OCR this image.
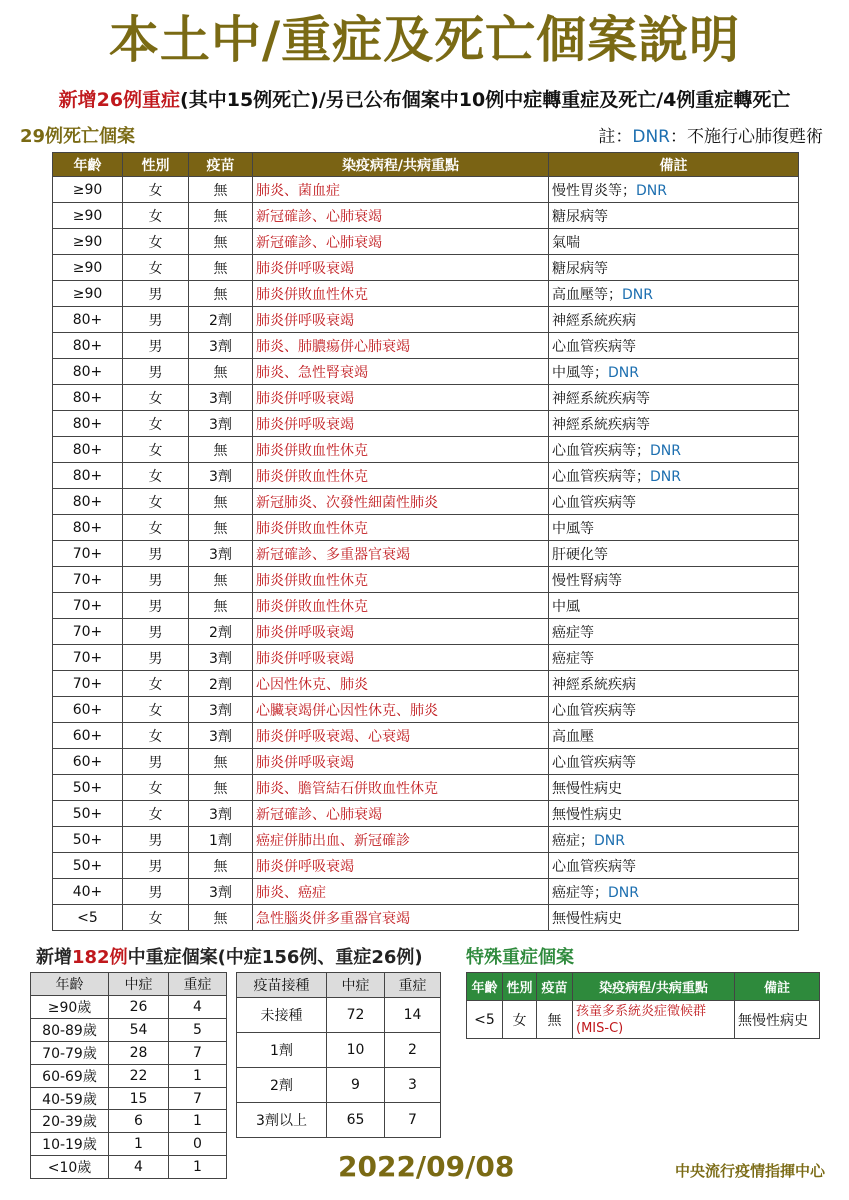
本土中/重症及死亡個案說明
新增26例重症(其中15例死亡)/另已公布個案中10例中症轉重症及死亡/4例重症轉死亡
29例死亡個案	註：DNR：不施行心肺復甦術
年齡	性別	疫苗	染疫病程/共病重點	備註
≥90	女	無	肺炎、菌血症	慢性胃炎等；DNR
≥90	女	無	新冠確診、心肺衰竭	糖尿病等
≥90	女	無	新冠確診、心肺衰竭	氣喘
≥90	女	無	肺炎併呼吸衰竭	糖尿病等
≥90	男	無	肺炎併敗血性休克	高血壓等；DNR
80+	男	2劑	肺炎併呼吸衰竭	神經系統疾病
80+	男	3劑	肺炎、肺膿瘍併心肺衰竭	心血管疾病等
80+	男	無	肺炎、急性腎衰竭	中風等；DNR
80+	女	3劑	肺炎併呼吸衰竭	神經系統疾病等
80+	女	3劑	肺炎併呼吸衰竭	神經系統疾病等
80+	女	無	肺炎併敗血性休克	心血管疾病等；DNR
80+	女	3劑	肺炎併敗血性休克	心血管疾病等；DNR
80+	女	無	新冠肺炎、次發性細菌性肺炎	心血管疾病等
80+	女	無	肺炎併敗血性休克	中風等
70+	男	3劑	新冠確診、多重器官衰竭	肝硬化等
70+	男	無	肺炎併敗血性休克	慢性腎病等
70+	男	無	肺炎併敗血性休克	中風
70+	男	2劑	肺炎併呼吸衰竭	癌症等
70+	男	3劑	肺炎併呼吸衰竭	癌症等
70+	女	2劑	心因性休克、肺炎	神經系統疾病
60+	女	3劑	心臟衰竭併心因性休克、肺炎	心血管疾病等
60+	女	3劑	肺炎併呼吸衰竭、心衰竭	高血壓
60+	男	無	肺炎併呼吸衰竭	心血管疾病等
50+	女	無	肺炎、膽管結石併敗血性休克	無慢性病史
50+	女	3劑	新冠確診、心肺衰竭	無慢性病史
50+	男	1劑	癌症併肺出血、新冠確診	癌症；DNR
50+	男	無	肺炎併呼吸衰竭	心血管疾病等
40+	男	3劑	肺炎、癌症	癌症等；DNR
<5	女	無	急性腦炎併多重器官衰竭	無慢性病史
新增182例中重症個案(中症156例、重症26例) 特殊重症個案
年齡	中症	重症
≥90歲	26	4
80-89歲	54	5
70-79歲	28	7
60-69歲	22	1
40-59歲	15	7
20-39歲	6	1
10-19歲	1	0
<10歲	4	1
疫苗接種	中症	重症
未接種	72	14
1劑	10	2
2劑	9	3
3劑以上	65	7
年齡	性別	疫苗	染疫病程/共病重點	備註
<5	女	無	孩童多系統炎症徵候群(MIS-C)	無慢性病史
2022/09/08	中央流行疫情指揮中心
